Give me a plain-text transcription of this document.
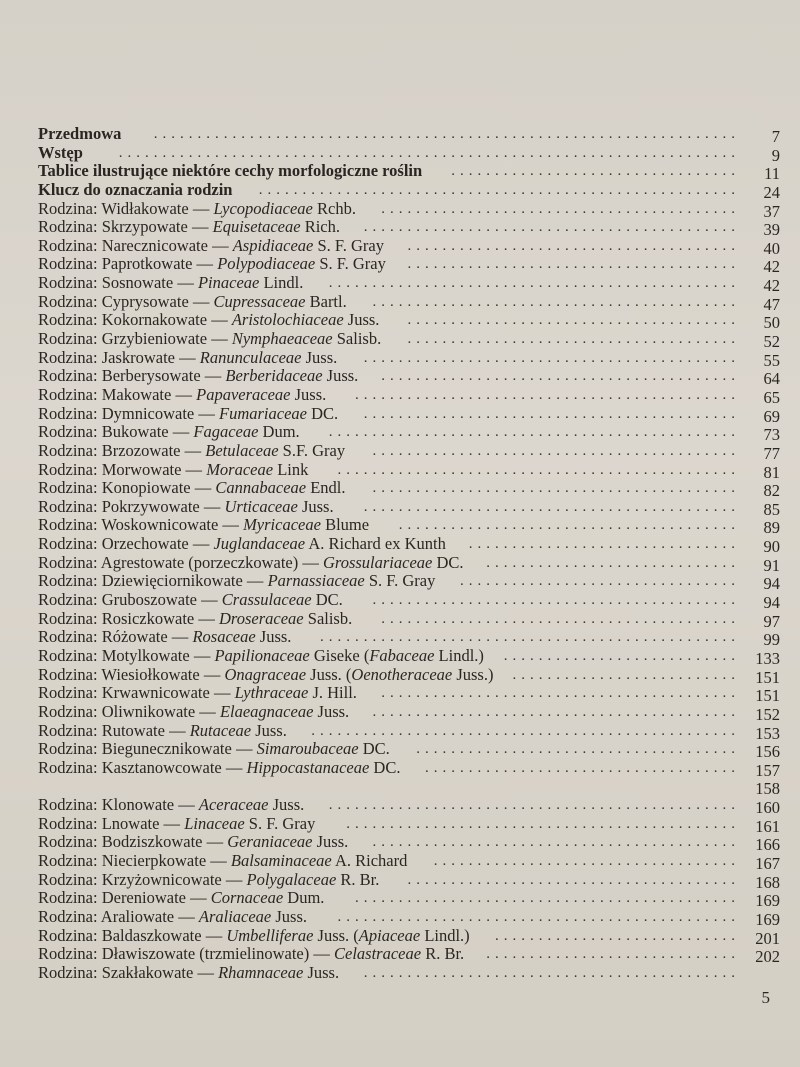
Przedmowa	...................................................................	7
Wstęp	.......................................................................	9
Tablice ilustrujące niektóre cechy morfologiczne roślin	.................................	11
Klucz do oznaczania rodzin	.......................................................	24
Rodzina: Widłakowate — Lycopodiaceae Rchb.	.........................................	37
Rodzina: Skrzypowate — Equisetaceae Rich.	...........................................	39
Rodzina: Narecznicowate — Aspidiaceae S. F. Gray	......................................	40
Rodzina: Paprotkowate — Polypodiaceae S. F. Gray	......................................	42
Rodzina: Sosnowate — Pinaceae Lindl.	...............................................	42
Rodzina: Cyprysowate — Cupressaceae Bartl.	..........................................	47
Rodzina: Kokornakowate — Aristolochiaceae Juss.	......................................	50
Rodzina: Grzybieniowate — Nymphaeaceae Salisb.	......................................	52
Rodzina: Jaskrowate — Ranunculaceae Juss.	...........................................	55
Rodzina: Berberysowate — Berberidaceae Juss.	.........................................	64
Rodzina: Makowate — Papaveraceae Juss.	............................................	65
Rodzina: Dymnicowate — Fumariaceae DC.	...........................................	69
Rodzina: Bukowate — Fagaceae Dum.	...............................................	73
Rodzina: Brzozowate — Betulaceae S.F. Gray	..........................................	77
Rodzina: Morwowate — Moraceae Link	..............................................	81
Rodzina: Konopiowate — Cannabaceae Endl.	..........................................	82
Rodzina: Pokrzywowate — Urticaceae Juss.	...........................................	85
Rodzina: Woskownicowate — Myricaceae Blume	.......................................	89
Rodzina: Orzechowate — Juglandaceae A. Richard ex Kunth	...............................	90
Rodzina: Agrestowate (porzeczkowate) — Grossulariaceae DC.	.............................	91
Rodzina: Dziewięciornikowate — Parnassiaceae S. F. Gray	................................	94
Rodzina: Gruboszowate — Crassulaceae DC.	..........................................	94
Rodzina: Rosiczkowate — Droseraceae Salisb.	.........................................	97
Rodzina: Różowate — Rosaceae Juss.	................................................	99
Rodzina: Motylkowate — Papilionaceae Giseke (Fabaceae Lindl.)	........................... 133
Rodzina: Wiesiołkowate — Onagraceae Juss. (Oenotheraceae Juss.)	.......................... 151
Rodzina: Krwawnicowate — Lythraceae J. Hill.	......................................... 151
Rodzina: Oliwnikowate — Elaeagnaceae Juss.	.......................................... 152
Rodzina: Rutowate — Rutaceae Juss.	................................................. 153
Rodzina: Biegunecznikowate — Simaroubaceae DC.	..................................... 156
Rodzina: Kasztanowcowate — Hippocastanaceae DC.	.................................... 157
158
Rodzina: Klonowate — Aceraceae Juss.	............................................... 160
Rodzina: Lnowate — Linaceae S. F. Gray	............................................. 161
Rodzina: Bodziszkowate — Geraniaceae Juss.	.......................................... 166
Rodzina: Niecierpkowate — Balsaminaceae A. Richard	................................... 167
Rodzina: Krzyżownicowate — Polygalaceae R. Br.	...................................... 168
Rodzina: Dereniowate — Cornaceae Dum.	............................................ 169
Rodzina: Araliowate — Araliaceae Juss.	.............................................. 169
Rodzina: Baldaszkowate — Umbelliferae Juss. (Apiaceae Lindl.)	............................ 201
Rodzina: Dławiszowate (trzmielinowate) — Celastraceae R. Br.	............................. 202
Rodzina: Szakłakowate — Rhamnaceae Juss.	...........................................
5
